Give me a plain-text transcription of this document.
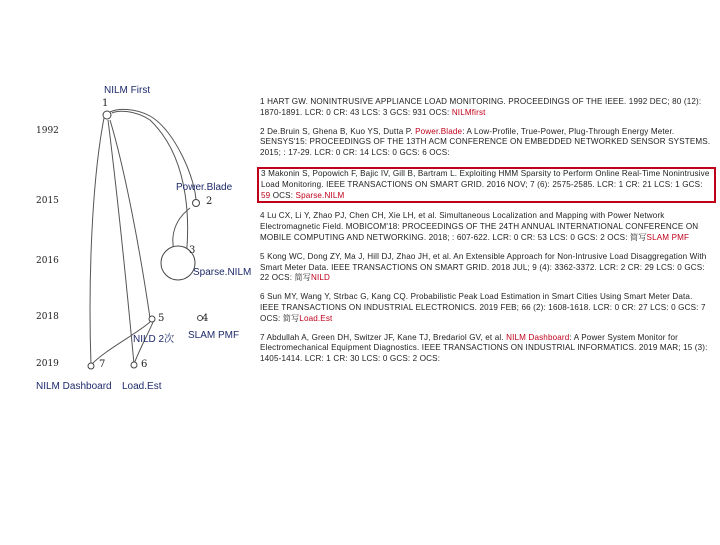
NILM First
1992
2015
2016
2018
2019
1
2
3
4
5
6
7
Power.Blade
Sparse.NILM
SLAM PMF
NILD 2次
Load.Est
NILM Dashboard

1 HART GW. NONINTRUSIVE APPLIANCE LOAD MONITORING. PROCEEDINGS OF THE IEEE. 1992 DEC; 80 (12): 1870-1891. LCR: 0 CR: 43 LCS: 3 GCS: 931 OCS: NILMfirst

2 De.Bruin S, Ghena B, Kuo YS, Dutta P. Power.Blade: A Low-Profile, True-Power, Plug-Through Energy Meter. SENSYS'15: PROCEEDINGS OF THE 13TH ACM CONFERENCE ON EMBEDDED NETWORKED SENSOR SYSTEMS. 2015; : 17-29. LCR: 0 CR: 14 LCS: 0 GCS: 6 OCS:

3 Makonin S, Popowich F, Bajic IV, Gill B, Bartram L. Exploiting HMM Sparsity to Perform Online Real-Time Nonintrusive Load Monitoring. IEEE TRANSACTIONS ON SMART GRID. 2016 NOV; 7 (6): 2575-2585. LCR: 1 CR: 21 LCS: 1 GCS: 59 OCS: Sparse.NILM

4 Lu CX, Li Y, Zhao PJ, Chen CH, Xie LH, et al. Simultaneous Localization and Mapping with Power Network Electromagnetic Field. MOBICOM'18: PROCEEDINGS OF THE 24TH ANNUAL INTERNATIONAL CONFERENCE ON MOBILE COMPUTING AND NETWORKING. 2018; : 607-622. LCR: 0 CR: 53 LCS: 0 GCS: 2 OCS: 简写SLAM PMF

5 Kong WC, Dong ZY, Ma J, Hill DJ, Zhao JH, et al. An Extensible Approach for Non-Intrusive Load Disaggregation With Smart Meter Data. IEEE TRANSACTIONS ON SMART GRID. 2018 JUL; 9 (4): 3362-3372. LCR: 2 CR: 29 LCS: 0 GCS: 22 OCS: 简写NILD

6 Sun MY, Wang Y, Strbac G, Kang CQ. Probabilistic Peak Load Estimation in Smart Cities Using Smart Meter Data. IEEE TRANSACTIONS ON INDUSTRIAL ELECTRONICS. 2019 FEB; 66 (2): 1608-1618. LCR: 0 CR: 27 LCS: 0 GCS: 7 OCS: 简写Load.Est

7 Abdullah A, Green DH, Switzer JF, Kane TJ, Bredariol GV, et al. NILM Dashboard: A Power System Monitor for Electromechanical Equipment Diagnostics. IEEE TRANSACTIONS ON INDUSTRIAL INFORMATICS. 2019 MAR; 15 (3): 1405-1414. LCR: 1 CR: 30 LCS: 0 GCS: 2 OCS:
